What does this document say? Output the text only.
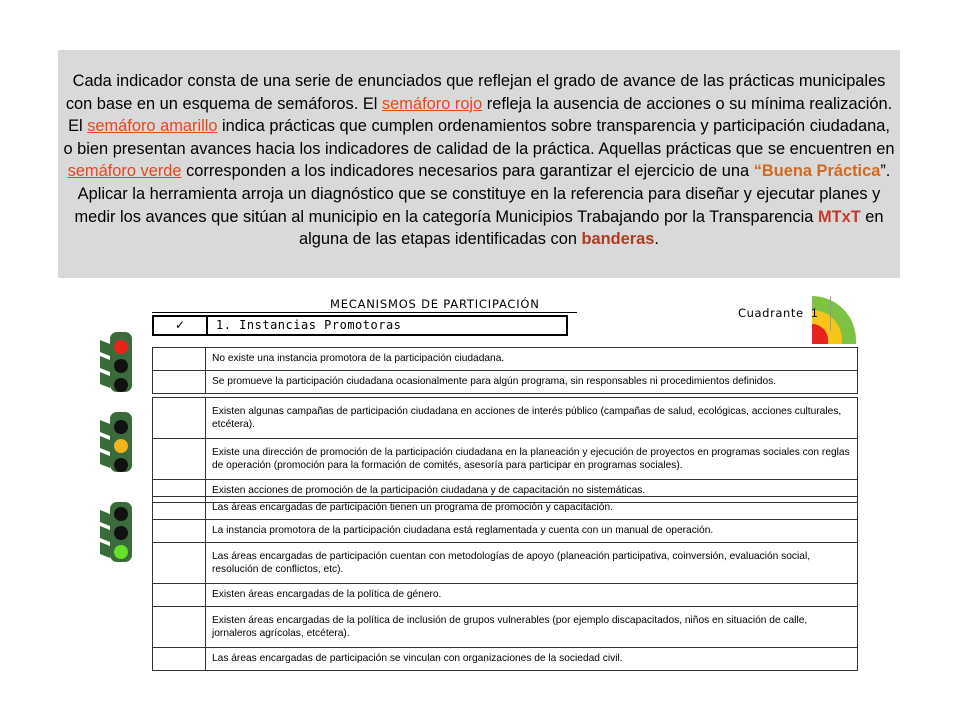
Cada indicador consta de una serie de enunciados que reflejan el grado de avance de las prácticas municipales con base en un esquema de semáforos. El semáforo rojo refleja la ausencia de acciones o su mínima realización. El semáforo amarillo indica prácticas que cumplen ordenamientos sobre transparencia y participación ciudadana, o bien presentan avances hacia los indicadores de calidad de la práctica. Aquellas prácticas que se encuentren en semáforo verde corresponden a los indicadores necesarios para garantizar el ejercicio de una “Buena Práctica”. Aplicar la herramienta arroja un diagnóstico que se constituye en la referencia para diseñar y ejecutar planes y medir los avances que sitúan al municipio en la categoría Municipios Trabajando por la Transparencia MTxT en alguna de las etapas identificadas con banderas.
MECANISMOS DE PARTICIPACIÓN
✓	1. Instancias Promotoras
Cuadrante 1
	No existe una instancia promotora de la participación ciudadana.
	Se promueve la participación ciudadana ocasionalmente para algún programa, sin responsables ni procedimientos definidos.
	Existen algunas campañas de participación ciudadana en acciones de interés público (campañas de salud, ecológicas, acciones culturales, etcétera).
	Existe una dirección de promoción de la participación ciudadana en la planeación y ejecución de proyectos en programas sociales con reglas de operación (promoción para la formación de comités, asesoría para participar en programas sociales).
	Existen acciones de promoción de la participación ciudadana y de capacitación no sistemáticas.
	Las áreas encargadas de participación tienen un programa de promoción y capacitación.
	La instancia promotora de la participación ciudadana está reglamentada y cuenta con un manual de operación.
	Las áreas encargadas de participación cuentan con metodologías de apoyo (planeación participativa, coinversión, evaluación social, resolución de conflictos, etc).
	Existen áreas encargadas de la política de género.
	Existen áreas encargadas de la política de inclusión de grupos vulnerables (por ejemplo discapacitados, niños en situación de calle, jornaleros agrícolas, etcétera).
	Las áreas encargadas de participación se vinculan con organizaciones de la sociedad civil.
